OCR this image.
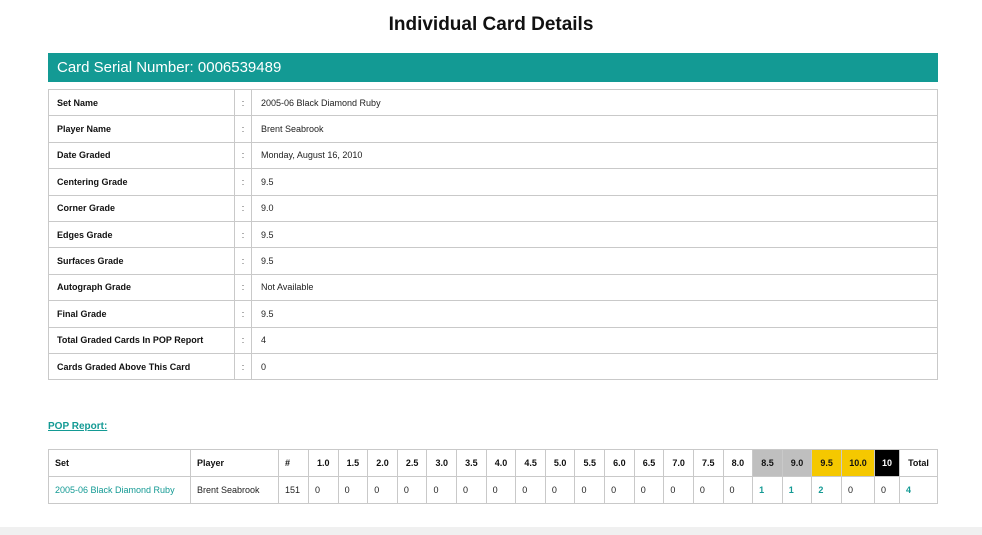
Individual Card Details
Card Serial Number: 0006539489
Set Name	:	2005-06 Black Diamond Ruby
Player Name	:	Brent Seabrook
Date Graded	:	Monday, August 16, 2010
Centering Grade	:	9.5
Corner Grade	:	9.0
Edges Grade	:	9.5
Surfaces Grade	:	9.5
Autograph Grade	:	Not Available
Final Grade	:	9.5
Total Graded Cards In POP Report	:	4
Cards Graded Above This Card	:	0
POP Report:
Set	Player	#	1.0	1.5	2.0	2.5	3.0	3.5	4.0	4.5	5.0	5.5	6.0	6.5	7.0	7.5	8.0	8.5	9.0	9.5	10.0	10	Total
2005-06 Black Diamond Ruby	Brent Seabrook	151	0	0	0	0	0	0	0	0	0	0	0	0	0	0	0	1	1	2	0	0	4
